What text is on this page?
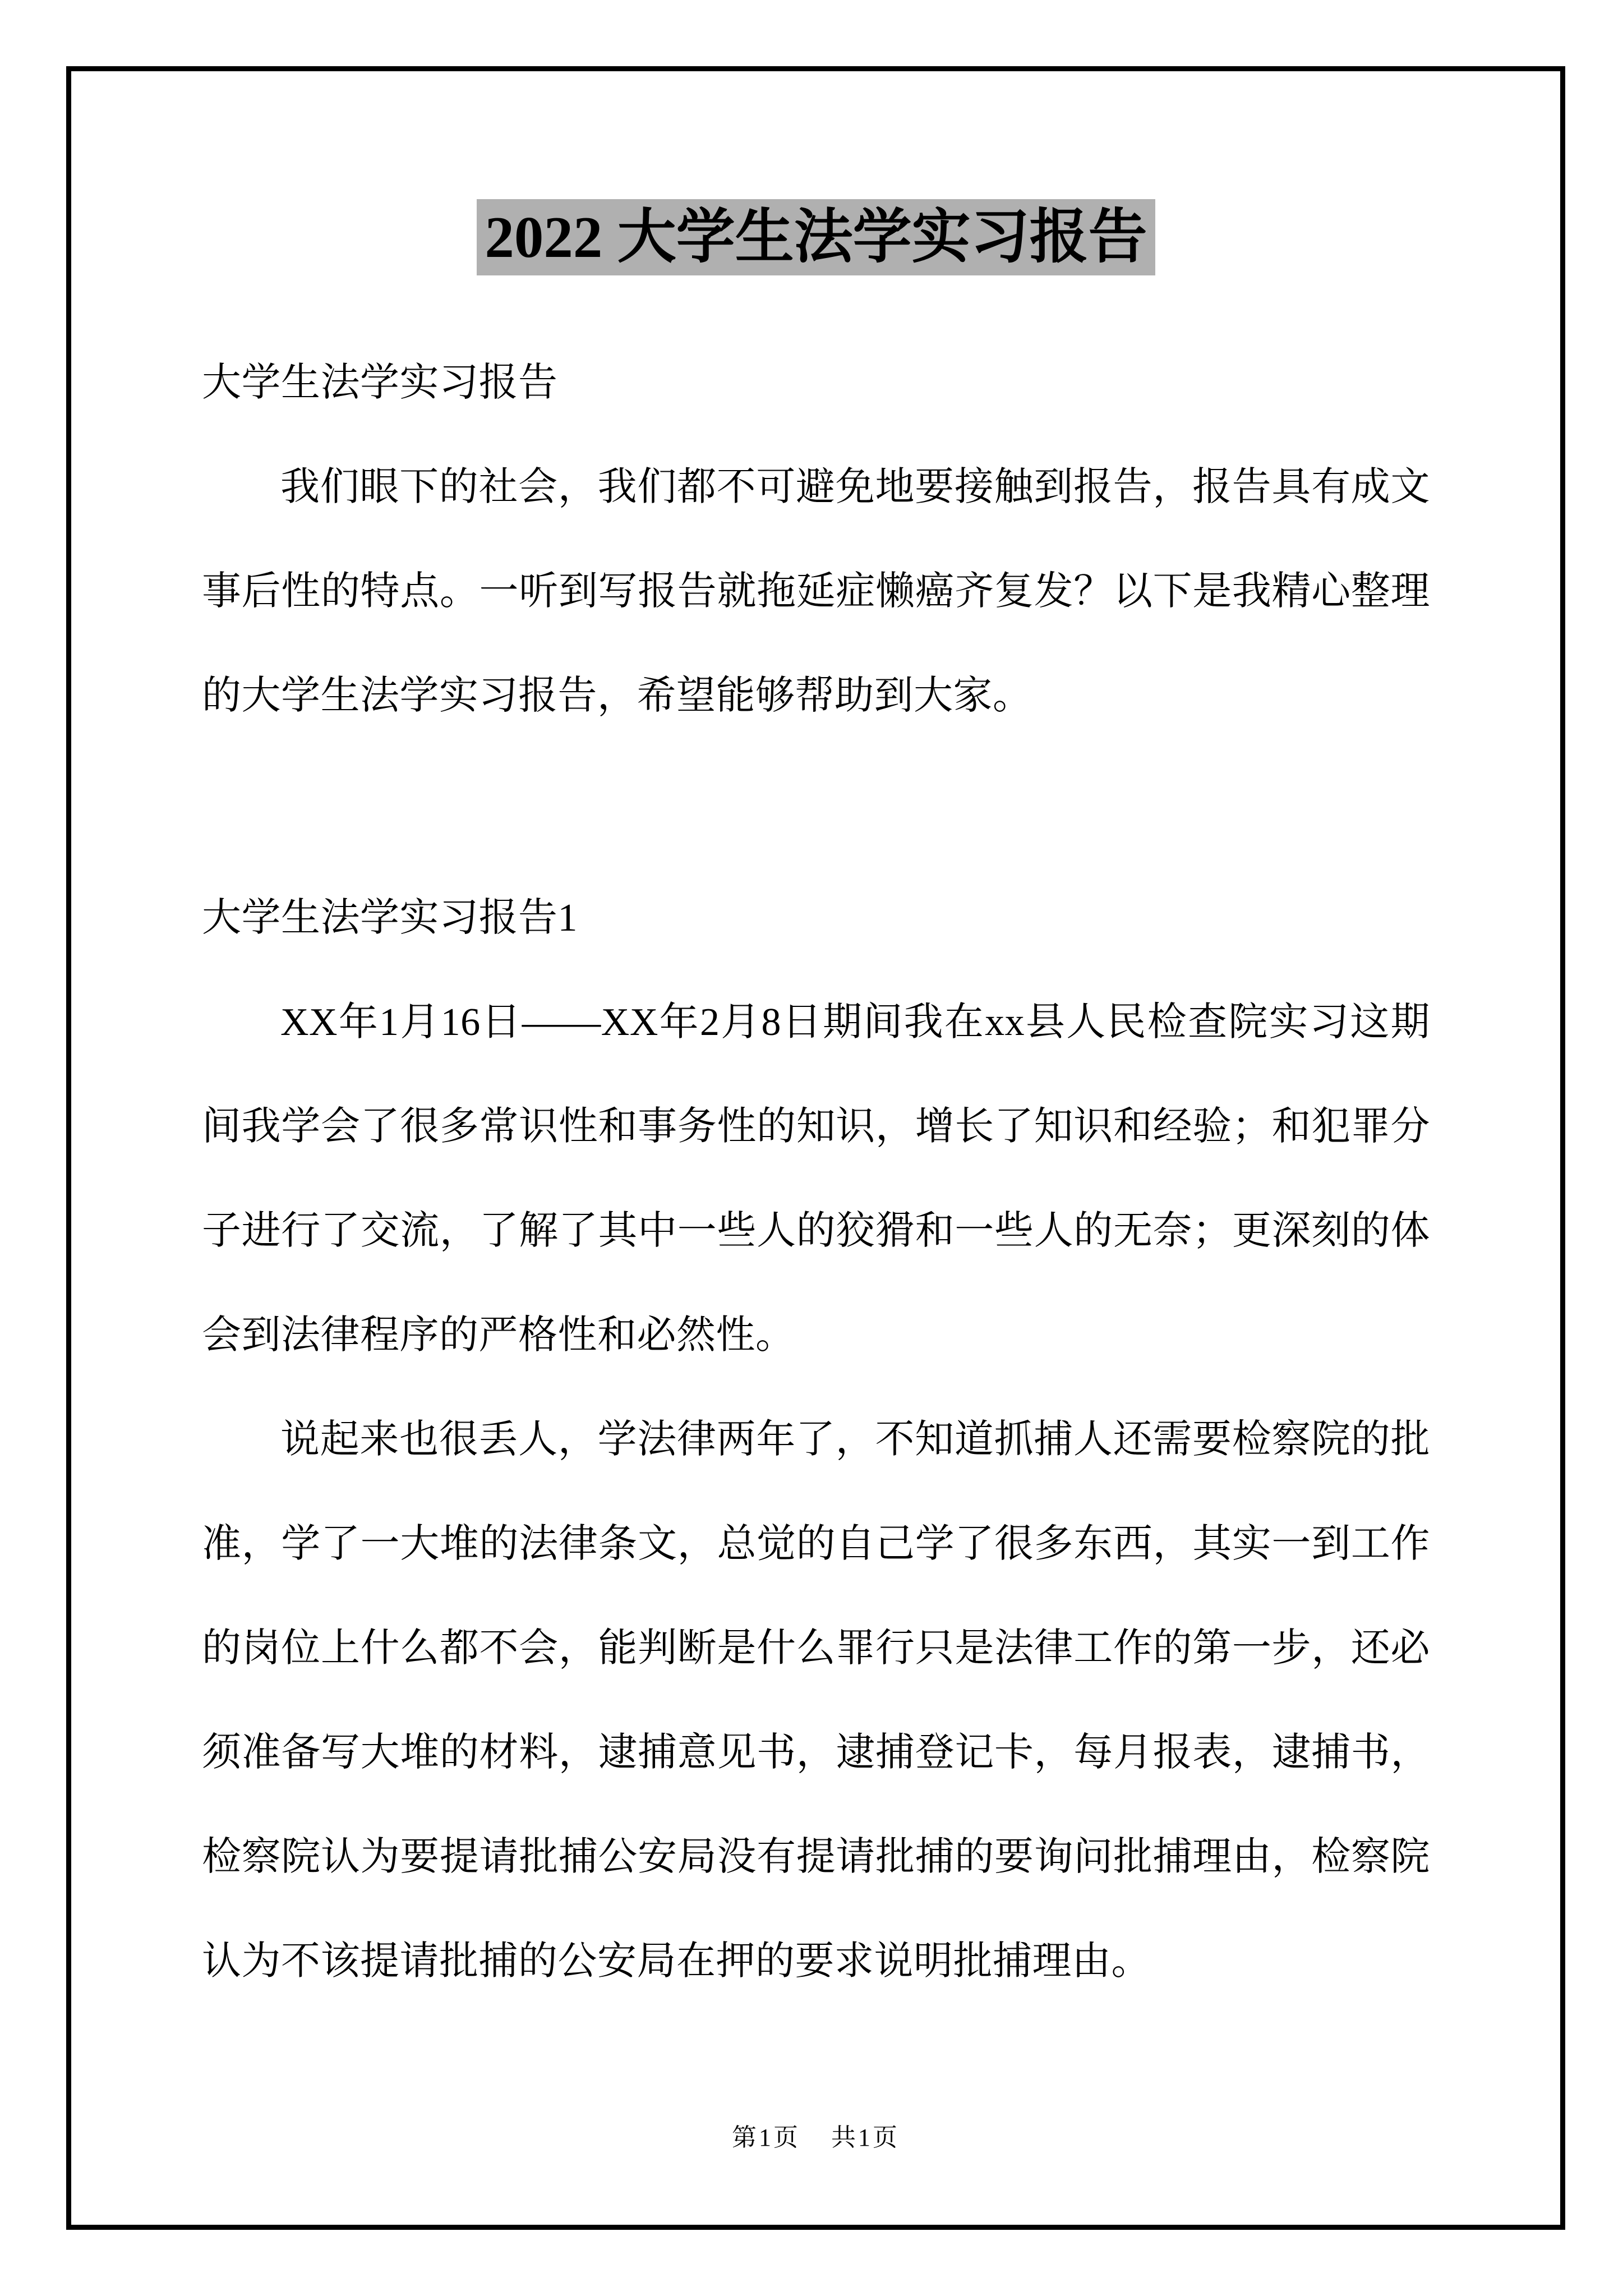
2022 大学生法学实习报告
大学生法学实习报告
我们眼下的社会，我们都不可避免地要接触到报告，报告具有成文事后性的特点。一听到写报告就拖延症懒癌齐复发？以下是我精心整理的大学生法学实习报告，希望能够帮助到大家。
大学生法学实习报告1
XX年1月16日——XX年2月8日期间我在xx县人民检查院实习这期间我学会了很多常识性和事务性的知识，增长了知识和经验；和犯罪分子进行了交流，了解了其中一些人的狡猾和一些人的无奈；更深刻的体会到法律程序的严格性和必然性。
说起来也很丢人，学法律两年了，不知道抓捕人还需要检察院的批准，学了一大堆的法律条文，总觉的自己学了很多东西，其实一到工作的岗位上什么都不会，能判断是什么罪行只是法律工作的第一步，还必须准备写大堆的材料，逮捕意见书，逮捕登记卡，每月报表，逮捕书，检察院认为要提请批捕公安局没有提请批捕的要询问批捕理由，检察院认为不该提请批捕的公安局在押的要求说明批捕理由。
第1页 共1页
